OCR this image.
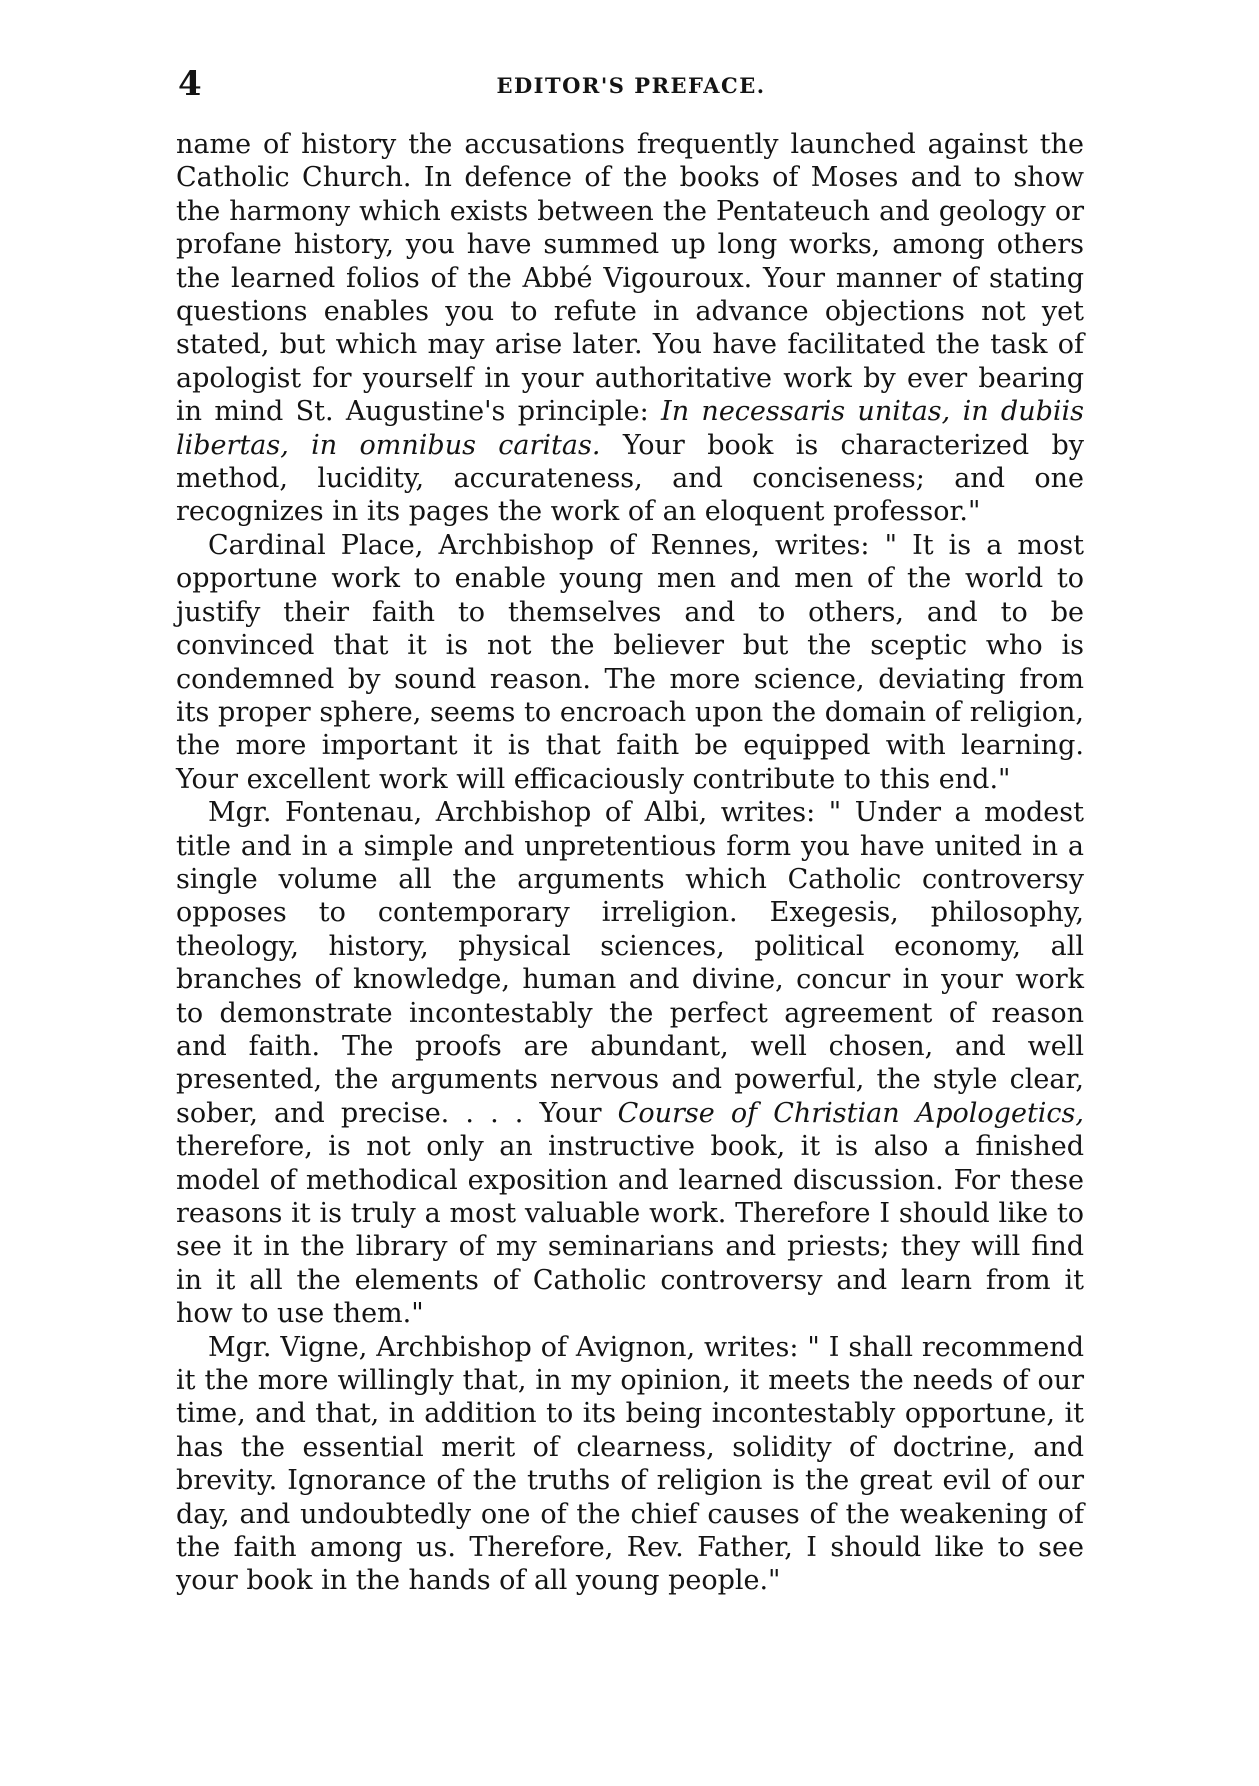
4	EDITOR'S PREFACE.

name of history the accusations frequently launched against the Catholic Church. In defence of the books of Moses and to show the harmony which exists between the Pentateuch and geology or profane history, you have summed up long works, among others the learned folios of the Abbé Vigouroux. Your manner of stating questions enables you to refute in advance objections not yet stated, but which may arise later. You have facilitated the task of apologist for yourself in your authoritative work by ever bearing in mind St. Augustine's principle: In necessaris unitas, in dubiis libertas, in omnibus caritas. Your book is characterized by method, lucidity, accurateness, and conciseness; and one recognizes in its pages the work of an eloquent professor."

Cardinal Place, Archbishop of Rennes, writes: " It is a most opportune work to enable young men and men of the world to justify their faith to themselves and to others, and to be convinced that it is not the believer but the sceptic who is condemned by sound reason. The more science, deviating from its proper sphere, seems to encroach upon the domain of religion, the more important it is that faith be equipped with learning. Your excellent work will efficaciously contribute to this end."

Mgr. Fontenau, Archbishop of Albi, writes: " Under a modest title and in a simple and unpretentious form you have united in a single volume all the arguments which Catholic controversy opposes to contemporary irreligion. Exegesis, philosophy, theology, history, physical sciences, political economy, all branches of knowledge, human and divine, concur in your work to demonstrate incontestably the perfect agreement of reason and faith. The proofs are abundant, well chosen, and well presented, the arguments nervous and powerful, the style clear, sober, and precise. . . . Your Course of Christian Apologetics, therefore, is not only an instructive book, it is also a finished model of methodical exposition and learned discussion. For these reasons it is truly a most valuable work. Therefore I should like to see it in the library of my seminarians and priests; they will find in it all the elements of Catholic controversy and learn from it how to use them."

Mgr. Vigne, Archbishop of Avignon, writes: " I shall recommend it the more willingly that, in my opinion, it meets the needs of our time, and that, in addition to its being incontestably opportune, it has the essential merit of clearness, solidity of doctrine, and brevity. Ignorance of the truths of religion is the great evil of our day, and undoubtedly one of the chief causes of the weakening of the faith among us. Therefore, Rev. Father, I should like to see your book in the hands of all young people."
